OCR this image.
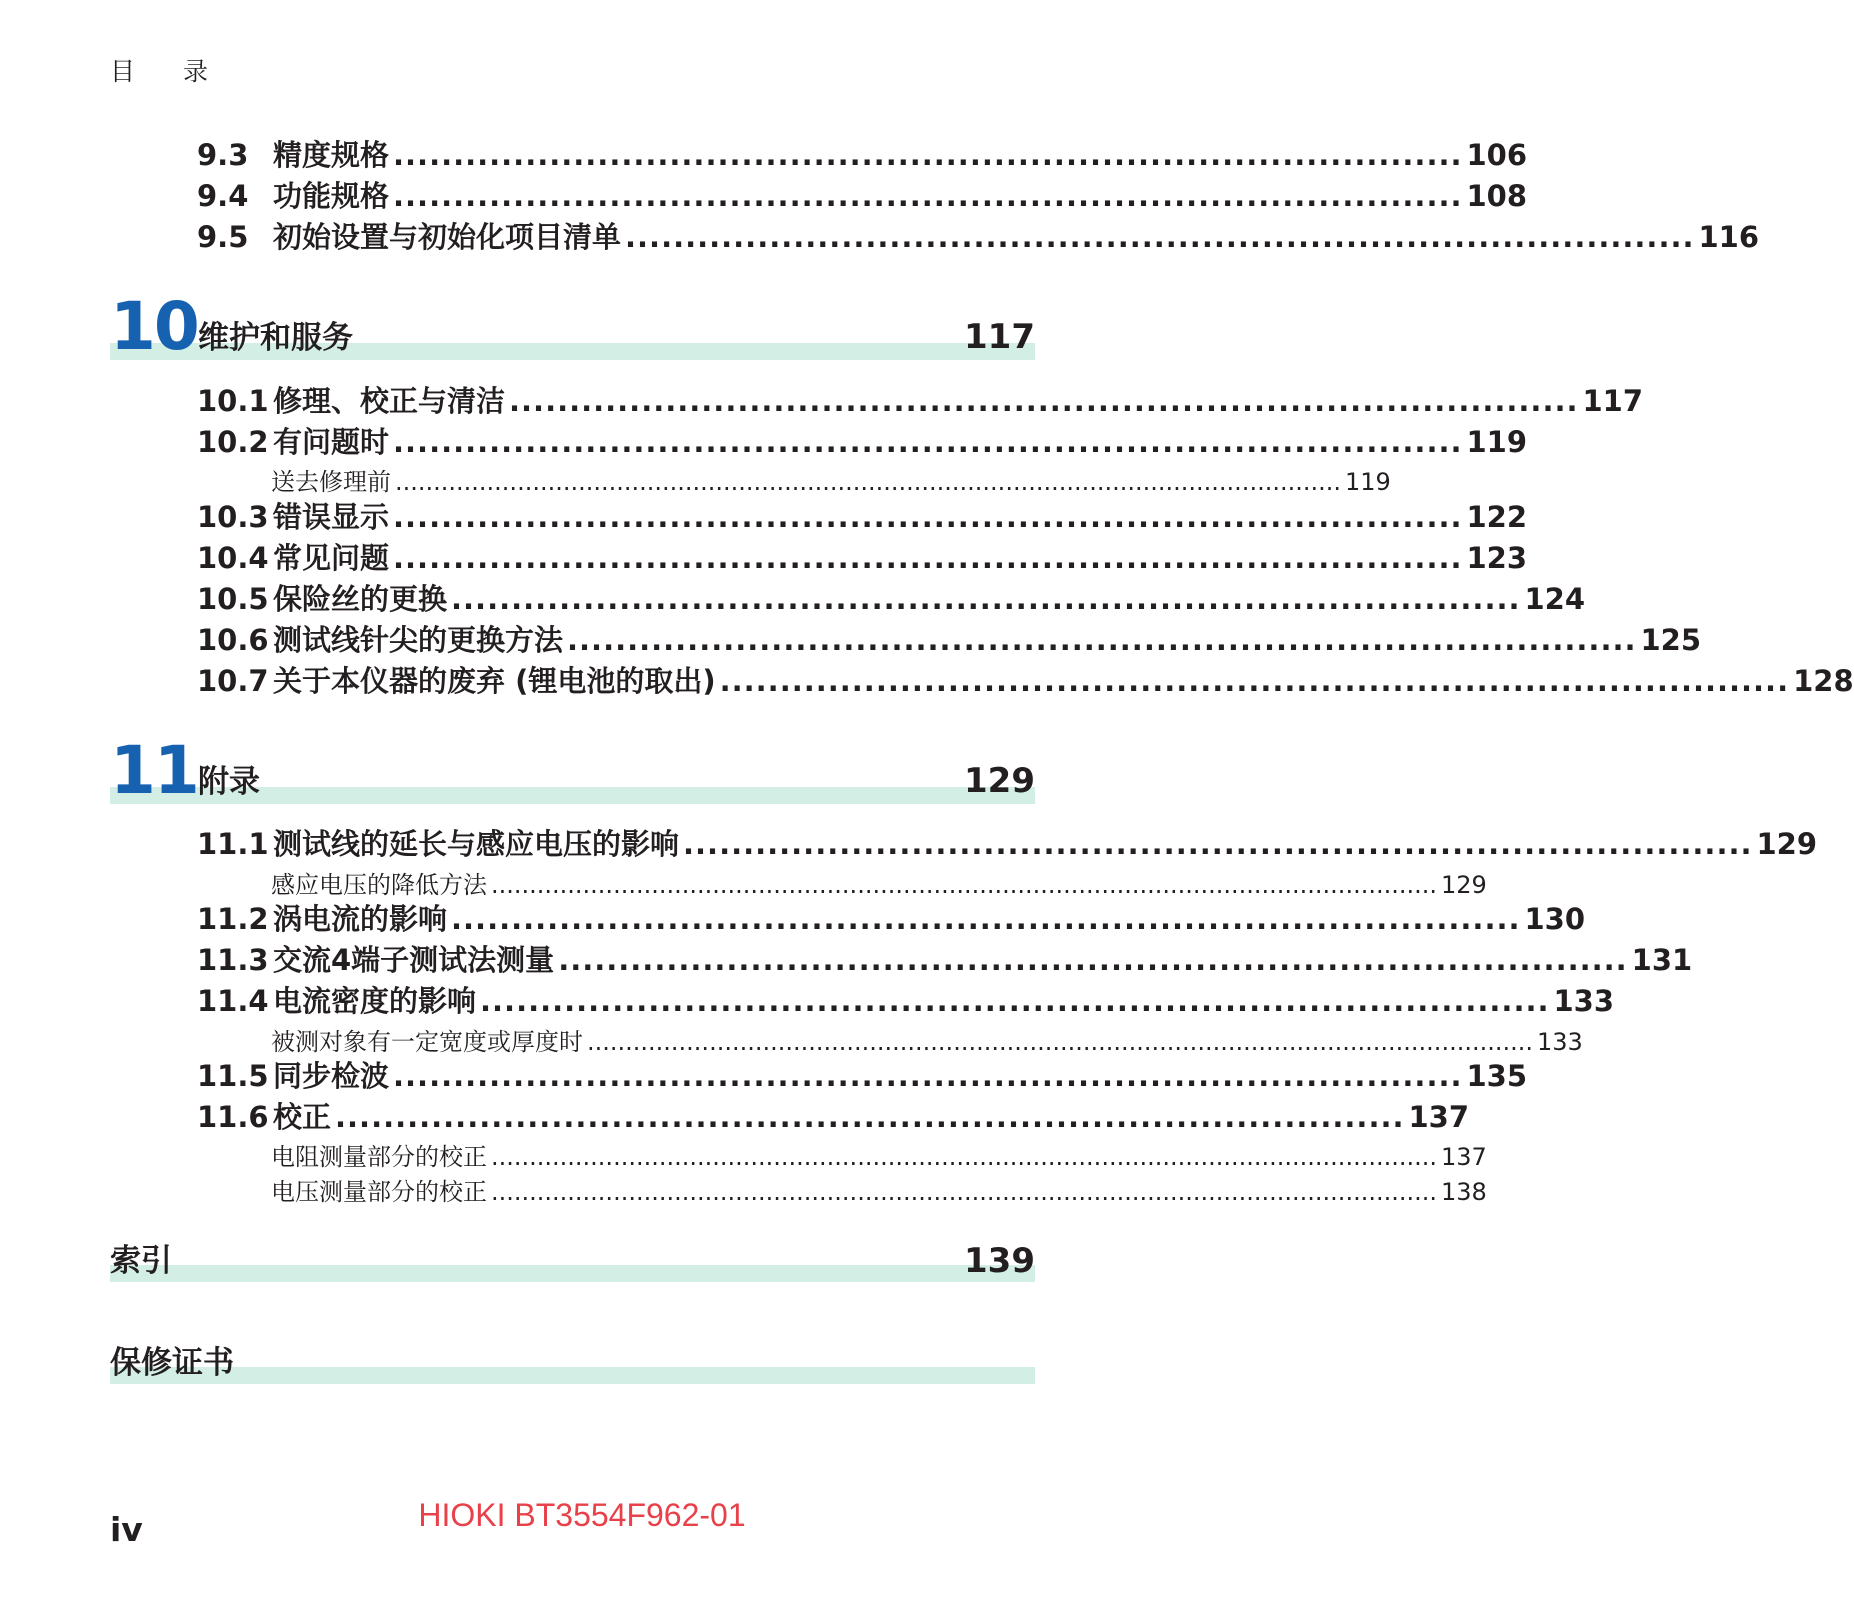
目 录
9.3 精度规格 ......................................................................................... 106
9.4 功能规格 ......................................................................................... 108
9.5 初始设置与初始化项目清单 ......................................................................................... 116
10 维护和服务	117
10.1 修理、校正与清洁 ......................................................................................... 117
10.2 有问题时 ......................................................................................... 119
送去修理前 ............................................................................................................................ 119
10.3 错误显示 ......................................................................................... 122
10.4 常见问题 ......................................................................................... 123
10.5 保险丝的更换 ......................................................................................... 124
10.6 测试线针尖的更换方法 ......................................................................................... 125
10.7 关于本仪器的废弃 (锂电池的取出) ......................................................................................... 128
11 附录	129
11.1 测试线的延长与感应电压的影响 ......................................................................................... 129
感应电压的降低方法 ............................................................................................................................ 129
11.2 涡电流的影响 ......................................................................................... 130
11.3 交流4端子测试法测量 ......................................................................................... 131
11.4 电流密度的影响 ......................................................................................... 133
被测对象有一定宽度或厚度时 ............................................................................................................................ 133
11.5 同步检波 ......................................................................................... 135
11.6 校正 ......................................................................................... 137
电阻测量部分的校正 ............................................................................................................................ 137
电压测量部分的校正 ............................................................................................................................ 138
索引	139
保修证书
HIOKI BT3554F962-01
iv
